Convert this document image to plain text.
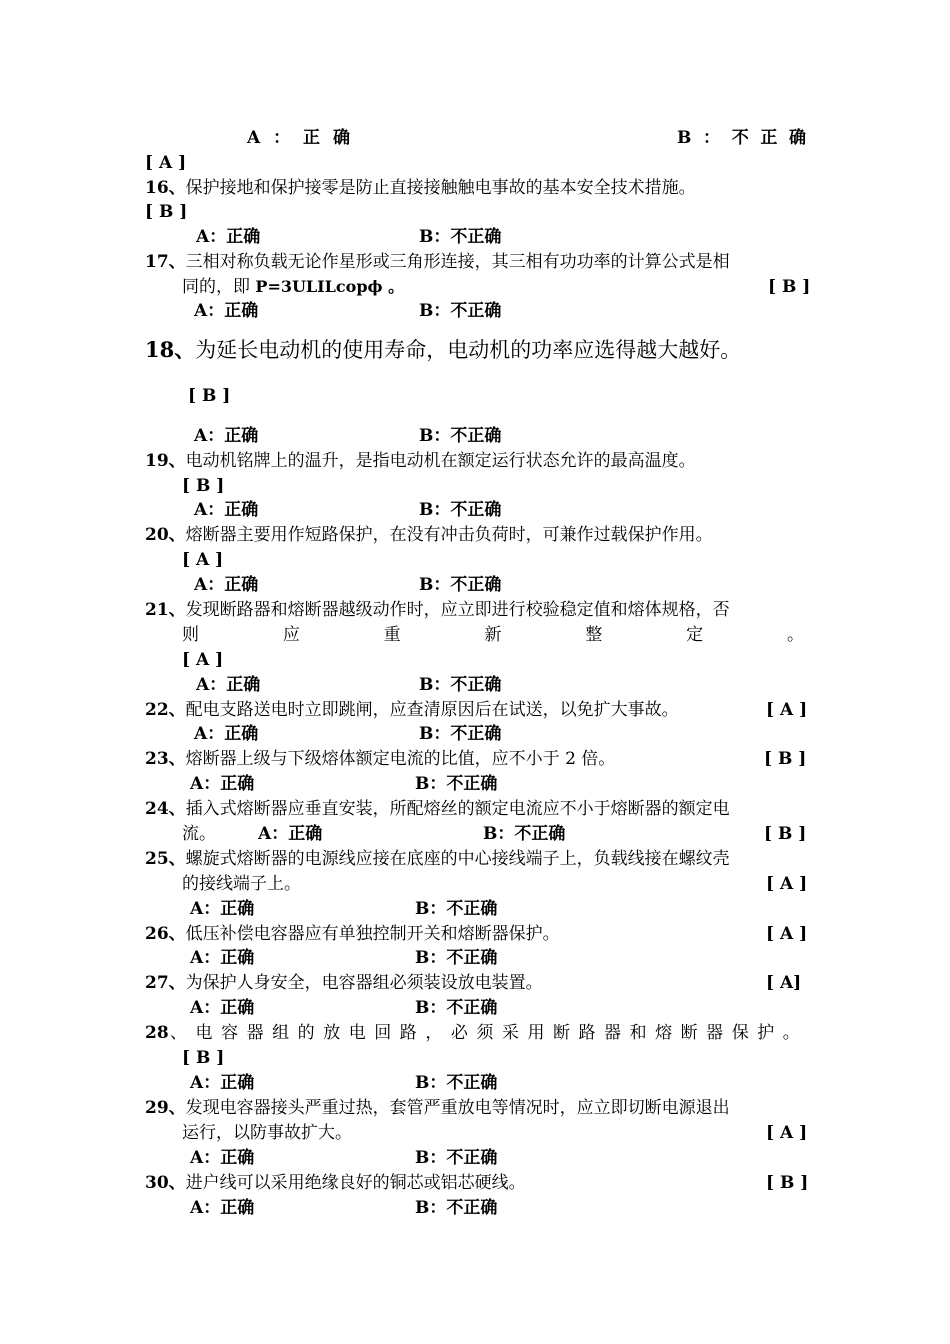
A ： 正 确	B ： 不 正 确
[ A ]
16、保护接地和保护接零是防止直接接触触电事故的基本安全技术措施。
[ B ]
A：正确	B：不正确
17、三相对称负载无论作星形或三角形连接，其三相有功功率的计算公式是相
同的，即 P=3ULILcopϕ 。	[ B ]
A：正确	B：不正确
18、为延长电动机的使用寿命，电动机的功率应选得越大越好。
[ B ]
A：正确	B：不正确
19、电动机铭牌上的温升，是指电动机在额定运行状态允许的最高温度。
[ B ]
A：正确	B：不正确
20、熔断器主要用作短路保护，在没有冲击负荷时，可兼作过载保护作用。
[ A ]
A：正确	B：不正确
21、发现断路器和熔断器越级动作时，应立即进行校验稳定值和熔体规格，否
则	应	重	新	整	定	。
[ A ]
A：正确	B：不正确
22、配电支路送电时立即跳闸，应查清原因后在试送，以免扩大事故。	[ A ]
A：正确	B：不正确
23、熔断器上级与下级熔体额定电流的比值，应不小于 2 倍。	[ B ]
A：正确	B：不正确
24、插入式熔断器应垂直安装，所配熔丝的额定电流应不小于熔断器的额定电
流。 A：正确	B：不正确	[ B ]
25、螺旋式熔断器的电源线应接在底座的中心接线端子上，负载线接在螺纹壳
的接线端子上。	[ A ]
A：正确	B：不正确
26、低压补偿电容器应有单独控制开关和熔断器保护。	[ A ]
A：正确	B：不正确
27、为保护人身安全，电容器组必须装设放电装置。	[ A]
A：正确	B：不正确
28 、 电 容 器 组 的 放 电 回 路 ， 必 须 采 用 断 路 器 和 熔 断 器 保 护 。
[ B ]
A：正确	B：不正确
29、发现电容器接头严重过热，套管严重放电等情况时，应立即切断电源退出
运行，以防事故扩大。	[ A ]
A：正确	B：不正确
30、进户线可以采用绝缘良好的铜芯或铝芯硬线。	[ B ]
A：正确	B：不正确
